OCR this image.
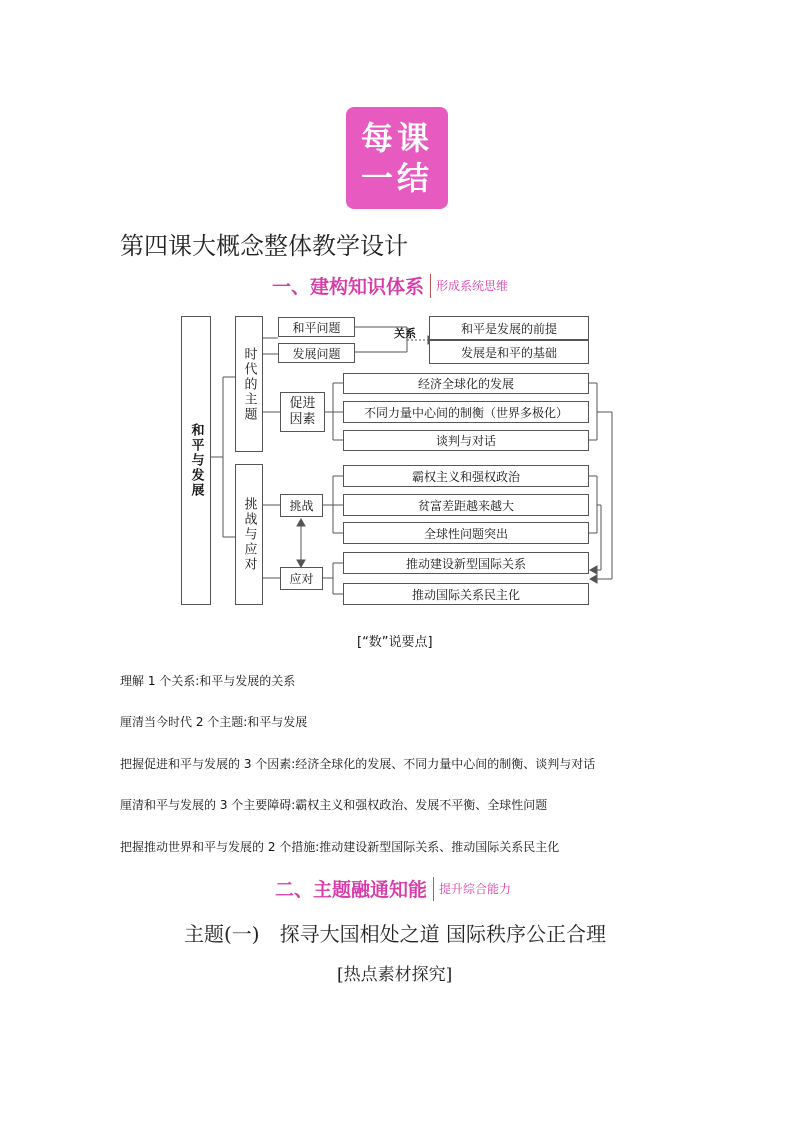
每课
一结
第四课大概念整体教学设计
一、建构知识体系 形成系统思维
和平与发展
时代的主题
挑战与应对
和平问题
发展问题
关系	和平是发展的前提
发展是和平的基础
促进因素
经济全球化的发展
不同力量中心间的制衡（世界多极化）
谈判与对话
挑战
应对
霸权主义和强权政治
贫富差距越来越大
全球性问题突出
推动建设新型国际关系
推动国际关系民主化
[“数”说要点]
理解 1 个关系:和平与发展的关系
厘清当今时代 2 个主题:和平与发展
把握促进和平与发展的 3 个因素:经济全球化的发展、不同力量中心间的制衡、谈判与对话
厘清和平与发展的 3 个主要障碍:霸权主义和强权政治、发展不平衡、全球性问题
把握推动世界和平与发展的 2 个措施:推动建设新型国际关系、推动国际关系民主化
二、主题融通知能 提升综合能力
主题(一)　探寻大国相处之道 国际秩序公正合理
[热点素材探究]
